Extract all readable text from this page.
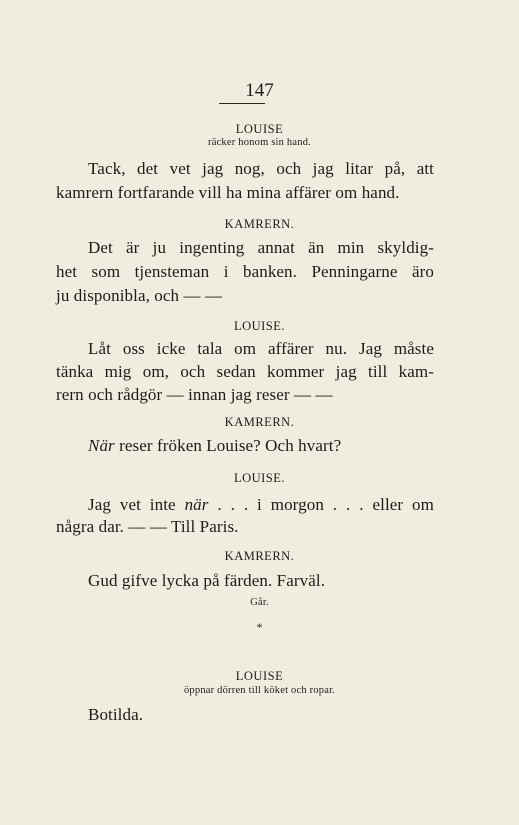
147
LOUISE
räcker honom sin hand.
Tack, det vet jag nog, och jag litar på, att
kamrern fortfarande vill ha mina affärer om hand.
KAMRERN.
Det är ju ingenting annat än min skyldig-
het som tjensteman i banken. Penningarne äro
ju disponibla, och — —
LOUISE.
Låt oss icke tala om affärer nu. Jag måste
tänka mig om, och sedan kommer jag till kam-
rern och rådgör — innan jag reser — —
KAMRERN.
När reser fröken Louise? Och hvart?
LOUISE.
Jag vet inte när . . . i morgon . . . eller om
några dar. — — Till Paris.
KAMRERN.
Gud gifve lycka på färden. Farväl.
Går.
*
LOUISE
öppnar dörren till köket och ropar.
Botilda.
